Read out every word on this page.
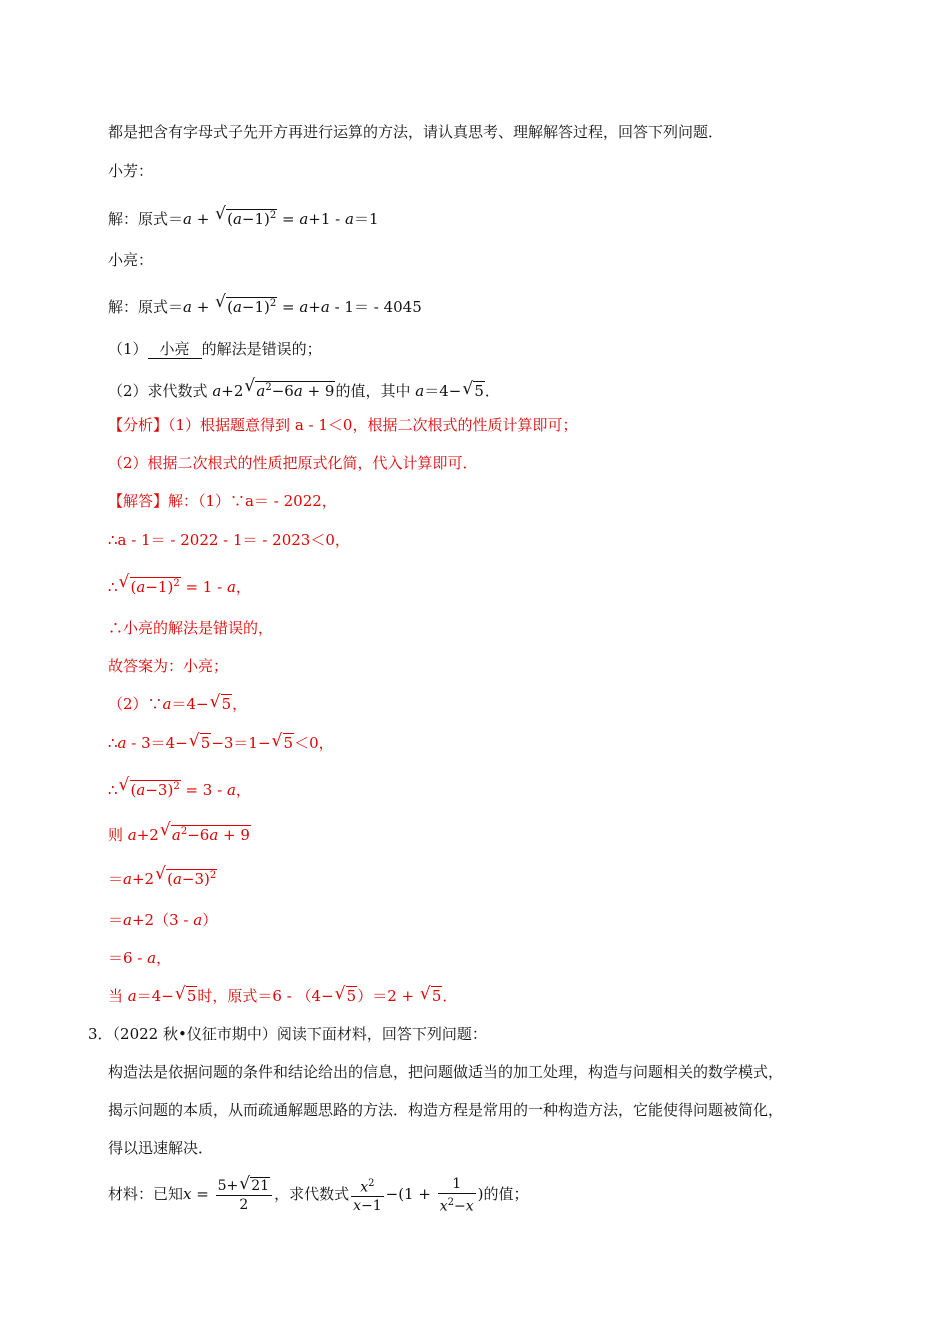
都是把含有字母式子先开方再进行运算的方法，请认真思考、理解解答过程，回答下列问题．
小芳：
解：原式＝a + √ $(a-1)^2 = a+1 - a=1$
小亮：
解：原式＝a + √ $(a-1)^2 = a+a - 1= - 4045$
（1） 小亮 的解法是错误的；
（2）求代数式 a+2 √ $a^2-6a + 9$的值，其中 a＝4− √ 5．
【分析】（1）根据题意得到 a - 1＜0，根据二次根式的性质计算即可；
（2）根据二次根式的性质把原式化简，代入计算即可．
【解答】解：（1）∵a＝ - 2022，
∴a - 1＝ - 2022 - 1＝ - 2023＜0，
∴ √ $(a-1)^2 = 1 - a$，
∴小亮的解法是错误的，
故答案为：小亮；
（2）∵a＝4− √ 5，
∴a - 3＝4− √ 5−3＝1− √ 5＜0，
∴ √ $(a-3)^2 = 3 - a$，
则 a+2 √ $a^2-6a + 9$
＝a+2 √ $(a-3)^2$
＝a+2（3 - a）
＝6 - a，
当 a＝4− √ 5时，原式＝6 - （4− √ 5）＝2 + √ 5．
3．（2022 秋•仪征市期中）阅读下面材料，回答下列问题：
构造法是依据问题的条件和结论给出的信息，把问题做适当的加工处理，构造与问题相关的数学模式，
揭示问题的本质，从而疏通解题思路的方法．构造方程是常用的一种构造方法，它能使得问题被简化，
得以迅速解决．
材料：已知$x = \frac{5+ √ 21}{2}$ ，求代数式 $\frac{x^2}{x-1} -(1 + \frac{1}{x^2-x}$ )的值；
